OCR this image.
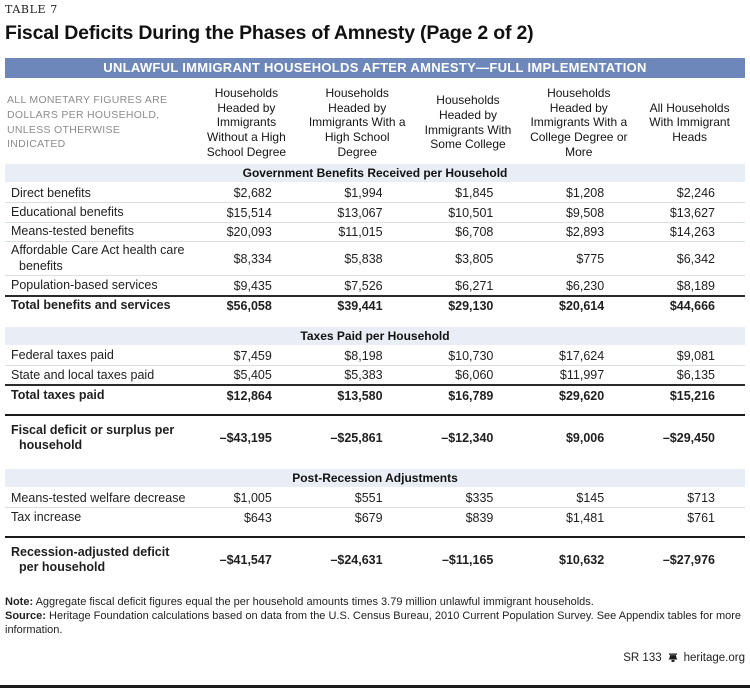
TABLE 7
Fiscal Deficits During the Phases of Amnesty (Page 2 of 2)
UNLAWFUL IMMIGRANT HOUSEHOLDS AFTER AMNESTY—FULL IMPLEMENTATION
ALL MONETARY FIGURES ARE DOLLARS PER HOUSEHOLD, UNLESS OTHERWISE INDICATED
Households Headed by Immigrants Without a High School Degree
Households Headed by Immigrants With a High School Degree
Households Headed by Immigrants With Some College
Households Headed by Immigrants With a College Degree or More
All Households With Immigrant Heads
Government Benefits Received per Household
Direct benefits	$2,682	$1,994	$1,845	$1,208	$2,246
Educational benefits	$15,514	$13,067	$10,501	$9,508	$13,627
Means-tested benefits	$20,093	$11,015	$6,708	$2,893	$14,263
Affordable Care Act health care benefits	$8,334	$5,838	$3,805	$775	$6,342
Population-based services	$9,435	$7,526	$6,271	$6,230	$8,189
Total benefits and services	$56,058	$39,441	$29,130	$20,614	$44,666
Taxes Paid per Household
Federal taxes paid	$7,459	$8,198	$10,730	$17,624	$9,081
State and local taxes paid	$5,405	$5,383	$6,060	$11,997	$6,135
Total taxes paid	$12,864	$13,580	$16,789	$29,620	$15,216
Fiscal deficit or surplus per household	–$43,195	–$25,861	–$12,340	$9,006	–$29,450
Post-Recession Adjustments
Means-tested welfare decrease	$1,005	$551	$335	$145	$713
Tax increase	$643	$679	$839	$1,481	$761
Recession-adjusted deficit per household	–$41,547	–$24,631	–$11,165	$10,632	–$27,976

Note: Aggregate fiscal deficit figures equal the per household amounts times 3.79 million unlawful immigrant households.

Source: Heritage Foundation calculations based on data from the U.S. Census Bureau, 2010 Current Population Survey. See Appendix tables for more information.

SR 133 heritage.org
